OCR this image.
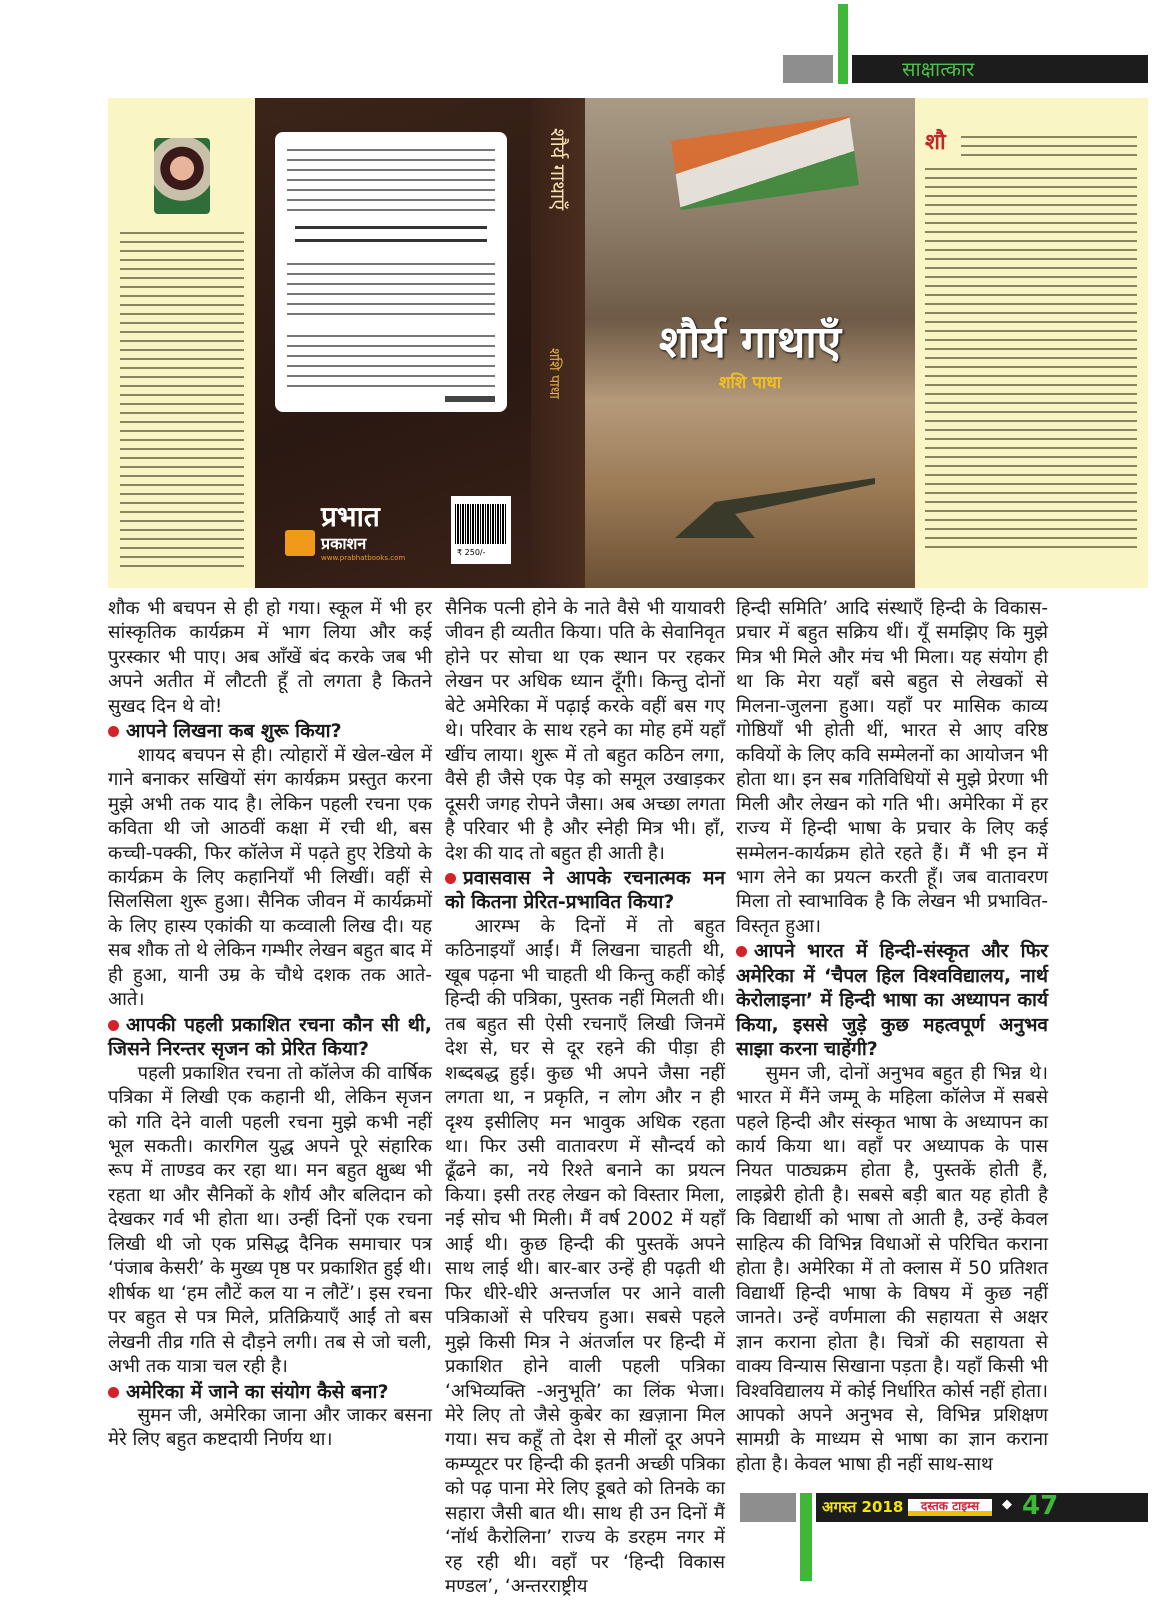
साक्षात्कार
प्रभात
प्रकाशन
www.prabhatbooks.com
₹ 250/-
शौर्य गाथाएँ
शशि पाधा
शौर्य गाथाएँ
शशि पाधा
शौ

शौक भी बचपन से ही हो गया। स्कूल में भी हर सांस्कृतिक कार्यक्रम में भाग लिया और कई पुरस्कार भी पाए। अब आँखें बंद करके जब भी अपने अतीत में लौटती हूँ तो लगता है कितने सुखद दिन थे वो!

आपने लिखना कब शुरू किया?

शायद बचपन से ही। त्योहारों में खेल-खेल में गाने बनाकर सखियों संग कार्यक्रम प्रस्तुत करना मुझे अभी तक याद है। लेकिन पहली रचना एक कविता थी जो आठवीं कक्षा में रची थी, बस कच्ची-पक्की, फिर कॉलेज में पढ़ते हुए रेडियो के कार्यक्रम के लिए कहानियाँ भी लिखीं। वहीं से सिलसिला शुरू हुआ। सैनिक जीवन में कार्यक्रमों के लिए हास्य एकांकी या कव्वाली लिख दी। यह सब शौक तो थे लेकिन गम्भीर लेखन बहुत बाद में ही हुआ, यानी उम्र के चौथे दशक तक आते-आते।

आपकी पहली प्रकाशित रचना कौन सी थी, जिसने निरन्तर सृजन को प्रेरित किया?

पहली प्रकाशित रचना तो कॉलेज की वार्षिक पत्रिका में लिखी एक कहानी थी, लेकिन सृजन को गति देने वाली पहली रचना मुझे कभी नहीं भूल सकती। कारगिल युद्ध अपने पूरे संहारिक रूप में ताण्डव कर रहा था। मन बहुत क्षुब्ध भी रहता था और सैनिकों के शौर्य और बलिदान को देखकर गर्व भी होता था। उन्हीं दिनों एक रचना लिखी थी जो एक प्रसिद्ध दैनिक समाचार पत्र ‘पंजाब केसरी’ के मुख्य पृष्ठ पर प्रकाशित हुई थी। शीर्षक था ‘हम लौटें कल या न लौटें’। इस रचना पर बहुत से पत्र मिले, प्रतिक्रियाएँ आईं तो बस लेखनी तीव्र गति से दौड़ने लगी। तब से जो चली, अभी तक यात्रा चल रही है।

अमेरिका में जाने का संयोग कैसे बना?

सुमन जी, अमेरिका जाना और जाकर बसना मेरे लिए बहुत कष्टदायी निर्णय था।

सैनिक पत्नी होने के नाते वैसे भी यायावरी जीवन ही व्यतीत किया। पति के सेवानिवृत होने पर सोचा था एक स्थान पर रहकर लेखन पर अधिक ध्यान दूँगी। किन्तु दोनों बेटे अमेरिका में पढ़ाई करके वहीं बस गए थे। परिवार के साथ रहने का मोह हमें यहाँ खींच लाया। शुरू में तो बहुत कठिन लगा, वैसे ही जैसे एक पेड़ को समूल उखाड़कर दूसरी जगह रोपने जैसा। अब अच्छा लगता है परिवार भी है और स्नेही मित्र भी। हाँ, देश की याद तो बहुत ही आती है।

प्रवासवास ने आपके रचनात्मक मन को कितना प्रेरित-प्रभावित किया?

आरम्भ के दिनों में तो बहुत कठिनाइयाँ आईं। मैं लिखना चाहती थी, खूब पढ़ना भी चाहती थी किन्तु कहीं कोई हिन्दी की पत्रिका, पुस्तक नहीं मिलती थी। तब बहुत सी ऐसी रचनाएँ लिखी जिनमें देश से, घर से दूर रहने की पीड़ा ही शब्दबद्ध हुई। कुछ भी अपने जैसा नहीं लगता था, न प्रकृति, न लोग और न ही दृश्य इसीलिए मन भावुक अधिक रहता था। फिर उसी वातावरण में सौन्दर्य को ढूँढने का, नये रिश्ते बनाने का प्रयत्न किया। इसी तरह लेखन को विस्तार मिला, नई सोच भी मिली। मैं वर्ष 2002 में यहाँ आई थी। कुछ हिन्दी की पुस्तकें अपने साथ लाई थी। बार-बार उन्हें ही पढ़ती थी फिर धीरे-धीरे अन्तर्जाल पर आने वाली पत्रिकाओं से परिचय हुआ। सबसे पहले मुझे किसी मित्र ने अंतर्जाल पर हिन्दी में प्रकाशित होने वाली पहली पत्रिका ‘अभिव्यक्ति -अनुभूति’ का लिंक भेजा। मेरे लिए तो जैसे कुबेर का ख़ज़ाना मिल गया। सच कहूँ तो देश से मीलों दूर अपने कम्प्यूटर पर हिन्दी की इतनी अच्छी पत्रिका को पढ़ पाना मेरे लिए डूबते को तिनके का सहारा जैसी बात थी। साथ ही उन दिनों मैं ‘नॉर्थ कैरोलिना’ राज्य के डरहम नगर में रह रही थी। वहाँ पर ‘हिन्दी विकास मण्डल’, ‘अन्तरराष्ट्रीय

हिन्दी समिति’ आदि संस्थाएँ हिन्दी के विकास-प्रचार में बहुत सक्रिय थीं। यूँ समझिए कि मुझे मित्र भी मिले और मंच भी मिला। यह संयोग ही था कि मेरा यहाँ बसे बहुत से लेखकों से मिलना-जुलना हुआ। यहाँ पर मासिक काव्य गोष्ठियाँ भी होती थीं, भारत से आए वरिष्ठ कवियों के लिए कवि सम्मेलनों का आयोजन भी होता था। इन सब गतिविधियों से मुझे प्रेरणा भी मिली और लेखन को गति भी। अमेरिका में हर राज्य में हिन्दी भाषा के प्रचार के लिए कई सम्मेलन-कार्यक्रम होते रहते हैं। मैं भी इन में भाग लेने का प्रयत्न करती हूँ। जब वातावरण मिला तो स्वाभाविक है कि लेखन भी प्रभावित-विस्तृत हुआ।

आपने भारत में हिन्दी-संस्कृत और फिर अमेरिका में ‘चैपल हिल विश्वविद्यालय, नार्थ केरोलाइना’ में हिन्दी भाषा का अध्यापन कार्य किया, इससे जुड़े कुछ महत्वपूर्ण अनुभव साझा करना चाहेंगी?

सुमन जी, दोनों अनुभव बहुत ही भिन्न थे। भारत में मैंने जम्मू के महिला कॉलेज में सबसे पहले हिन्दी और संस्कृत भाषा के अध्यापन का कार्य किया था। वहाँ पर अध्यापक के पास नियत पाठ्यक्रम होता है, पुस्तकें होती हैं, लाइब्रेरी होती है। सबसे बड़ी बात यह होती है कि विद्यार्थी को भाषा तो आती है, उन्हें केवल साहित्य की विभिन्न विधाओं से परिचित कराना होता है। अमेरिका में तो क्लास में 50 प्रतिशत विद्यार्थी हिन्दी भाषा के विषय में कुछ नहीं जानते। उन्हें वर्णमाला की सहायता से अक्षर ज्ञान कराना होता है। चित्रों की सहायता से वाक्य विन्यास सिखाना पड़ता है। यहाँ किसी भी विश्वविद्यालय में कोई निर्धारित कोर्स नहीं होता। आपको अपने अनुभव से, विभिन्न प्रशिक्षण सामग्री के माध्यम से भाषा का ज्ञान कराना होता है। केवल भाषा ही नहीं साथ-साथ

अगस्त 2018	दस्तक टाइम्स	◆ 47
